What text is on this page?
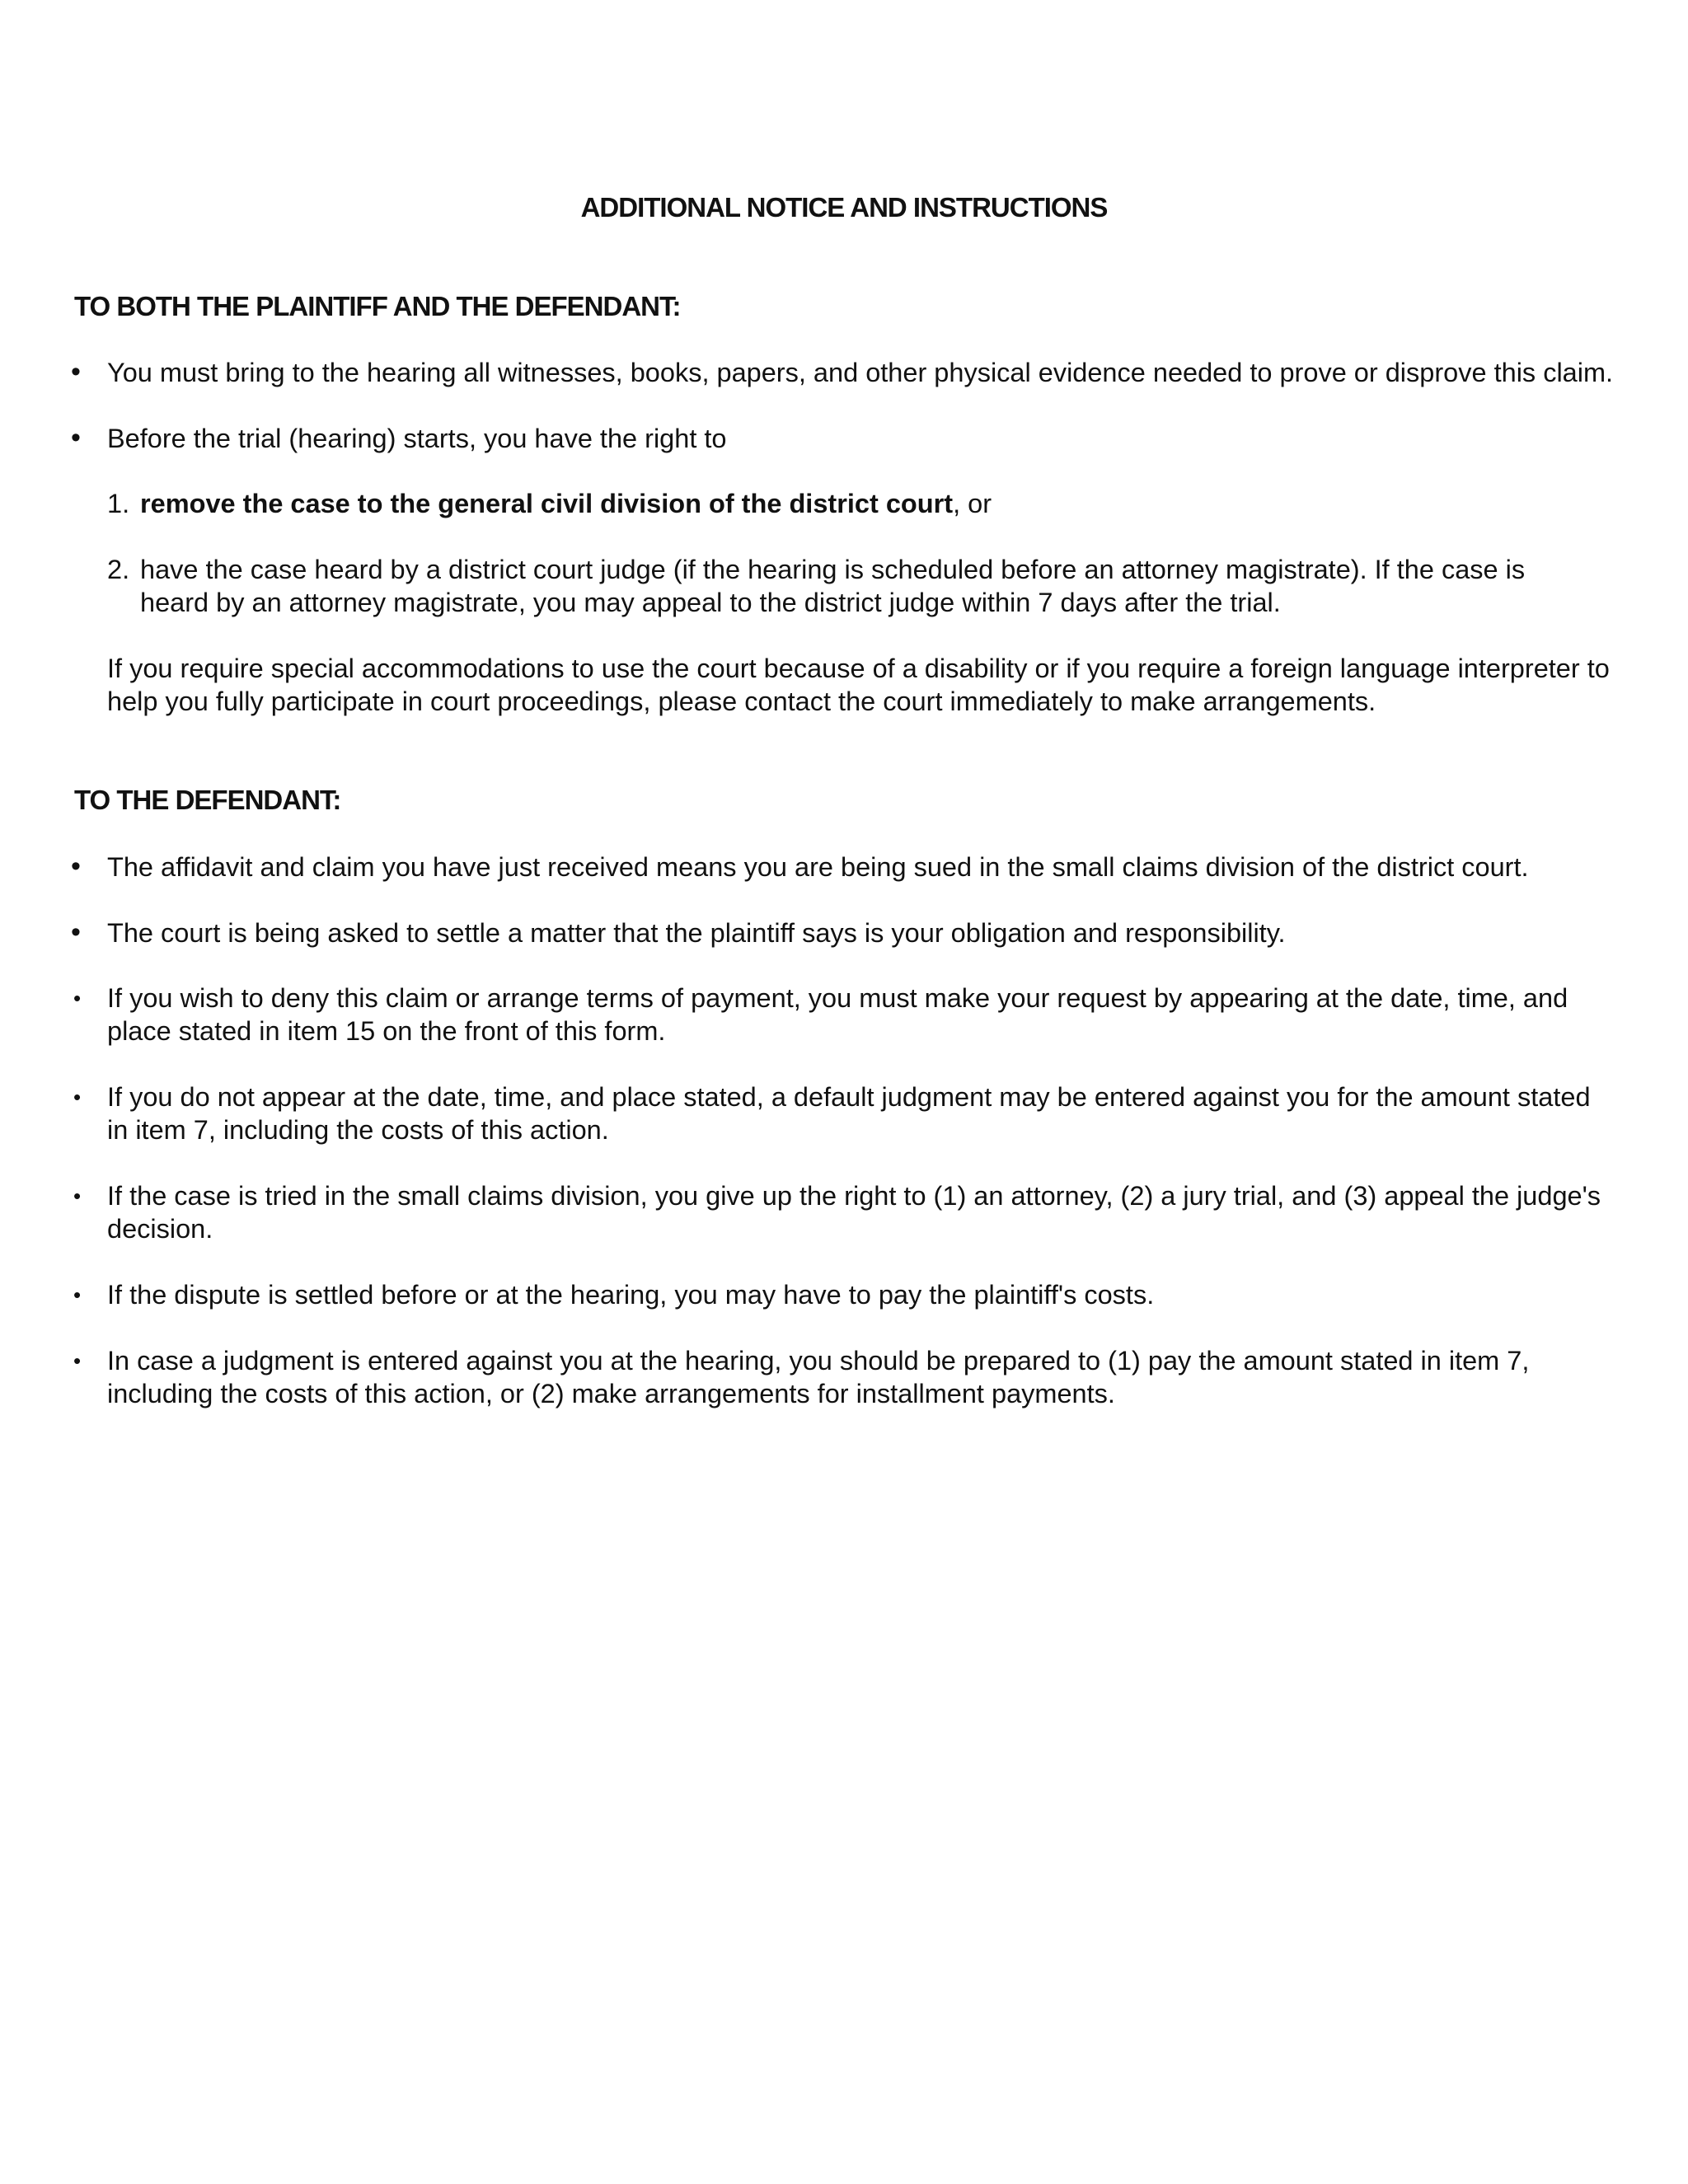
ADDITIONAL NOTICE AND INSTRUCTIONS
TO BOTH THE PLAINTIFF AND THE DEFENDANT:
• You must bring to the hearing all witnesses, books, papers, and other physical evidence needed to prove or disprove this claim.

• Before the trial (hearing) starts, you have the right to

1. remove the case to the general civil division of the district court, or

2. have the case heard by a district court judge (if the hearing is scheduled before an attorney magistrate). If the case is

heard by an attorney magistrate, you may appeal to the district judge within 7 days after the trial.

If you require special accommodations to use the court because of a disability or if you require a foreign language interpreter to

help you fully participate in court proceedings, please contact the court immediately to make arrangements.

TO THE DEFENDANT:
• The affidavit and claim you have just received means you are being sued in the small claims division of the district court.

• The court is being asked to settle a matter that the plaintiff says is your obligation and responsibility.

• If you wish to deny this claim or arrange terms of payment, you must make your request by appearing at the date, time, and

place stated in item 15 on the front of this form.

• If you do not appear at the date, time, and place stated, a default judgment may be entered against you for the amount stated

in item 7, including the costs of this action.

• If the case is tried in the small claims division, you give up the right to (1) an attorney, (2) a jury trial, and (3) appeal the judge's

decision.

• If the dispute is settled before or at the hearing, you may have to pay the plaintiff's costs.

• In case a judgment is entered against you at the hearing, you should be prepared to (1) pay the amount stated in item 7,

including the costs of this action, or (2) make arrangements for installment payments.
